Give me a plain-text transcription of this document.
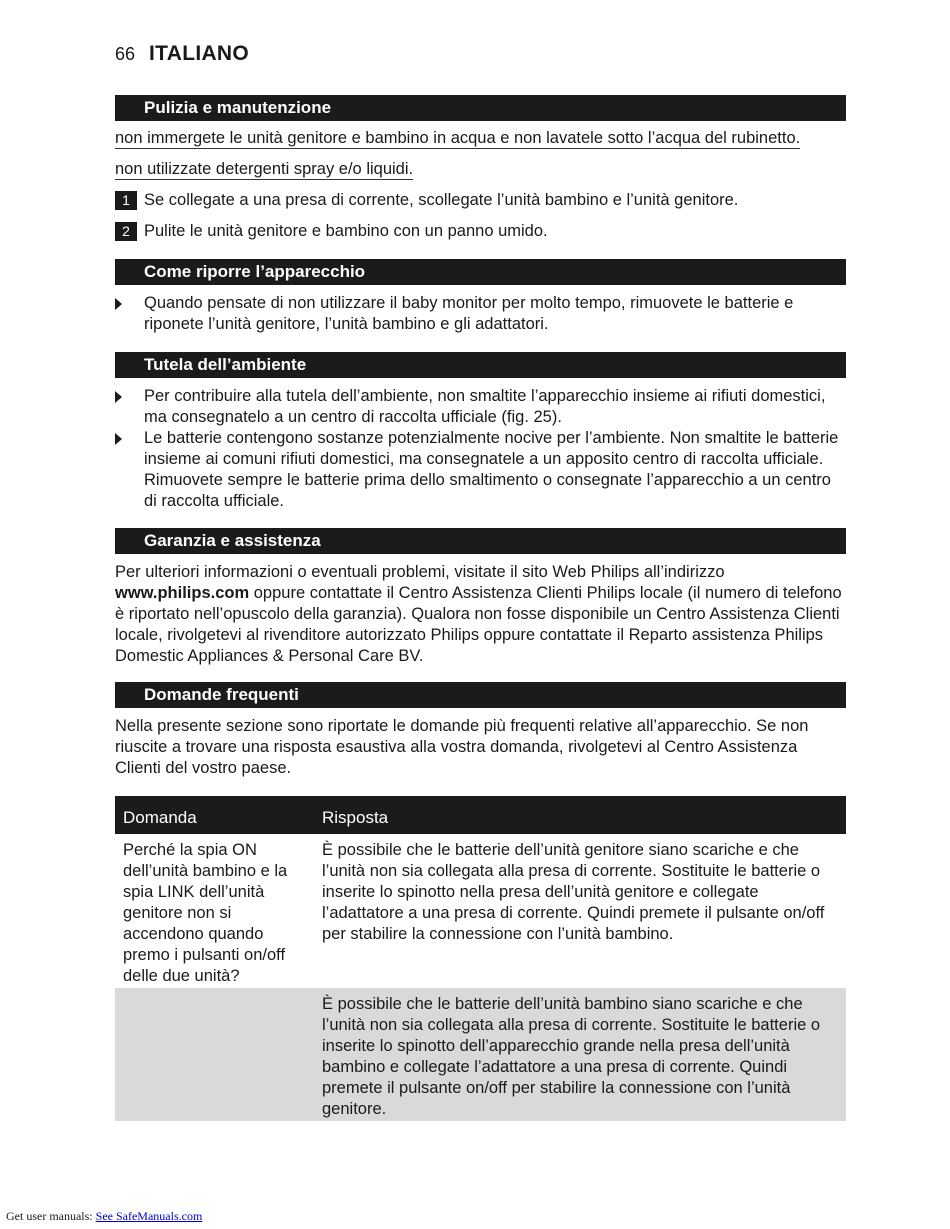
66 ITALIANO
Pulizia e manutenzione
non immergete le unità genitore e bambino in acqua e non lavatele sotto l’acqua del rubinetto.
non utilizzate detergenti spray e/o liquidi.
1 Se collegate a una presa di corrente, scollegate l’unità bambino e l’unità genitore.
2 Pulite le unità genitore e bambino con un panno umido.
Come riporre l’apparecchio
Quando pensate di non utilizzare il baby monitor per molto tempo, rimuovete le batterie e riponete l’unità genitore, l’unità bambino e gli adattatori.
Tutela dell’ambiente
Per contribuire alla tutela dell’ambiente, non smaltite l’apparecchio insieme ai rifiuti domestici, ma consegnatelo a un centro di raccolta ufficiale (fig. 25).
Le batterie contengono sostanze potenzialmente nocive per l’ambiente. Non smaltite le batterie insieme ai comuni rifiuti domestici, ma consegnatele a un apposito centro di raccolta ufficiale. Rimuovete sempre le batterie prima dello smaltimento o consegnate l’apparecchio a un centro di raccolta ufficiale.
Garanzia e assistenza
Per ulteriori informazioni o eventuali problemi, visitate il sito Web Philips all’indirizzo www.philips.com oppure contattate il Centro Assistenza Clienti Philips locale (il numero di telefono è riportato nell’opuscolo della garanzia). Qualora non fosse disponibile un Centro Assistenza Clienti locale, rivolgetevi al rivenditore autorizzato Philips oppure contattate il Reparto assistenza Philips Domestic Appliances & Personal Care BV.
Domande frequenti
Nella presente sezione sono riportate le domande più frequenti relative all’apparecchio. Se non riuscite a trovare una risposta esaustiva alla vostra domanda, rivolgetevi al Centro Assistenza Clienti del vostro paese.
Domanda	Risposta
Perché la spia ON dell’unità bambino e la spia LINK dell’unità genitore non si accendono quando premo i pulsanti on/off delle due unità?
È possibile che le batterie dell’unità genitore siano scariche e che l’unità non sia collegata alla presa di corrente. Sostituite le batterie o inserite lo spinotto nella presa dell’unità genitore e collegate l’adattatore a una presa di corrente. Quindi premete il pulsante on/off per stabilire la connessione con l’unità bambino.
È possibile che le batterie dell’unità bambino siano scariche e che l’unità non sia collegata alla presa di corrente. Sostituite le batterie o inserite lo spinotto dell’apparecchio grande nella presa dell’unità bambino e collegate l’adattatore a una presa di corrente. Quindi premete il pulsante on/off per stabilire la connessione con l’unità genitore.
Get user manuals: See SafeManuals.com
